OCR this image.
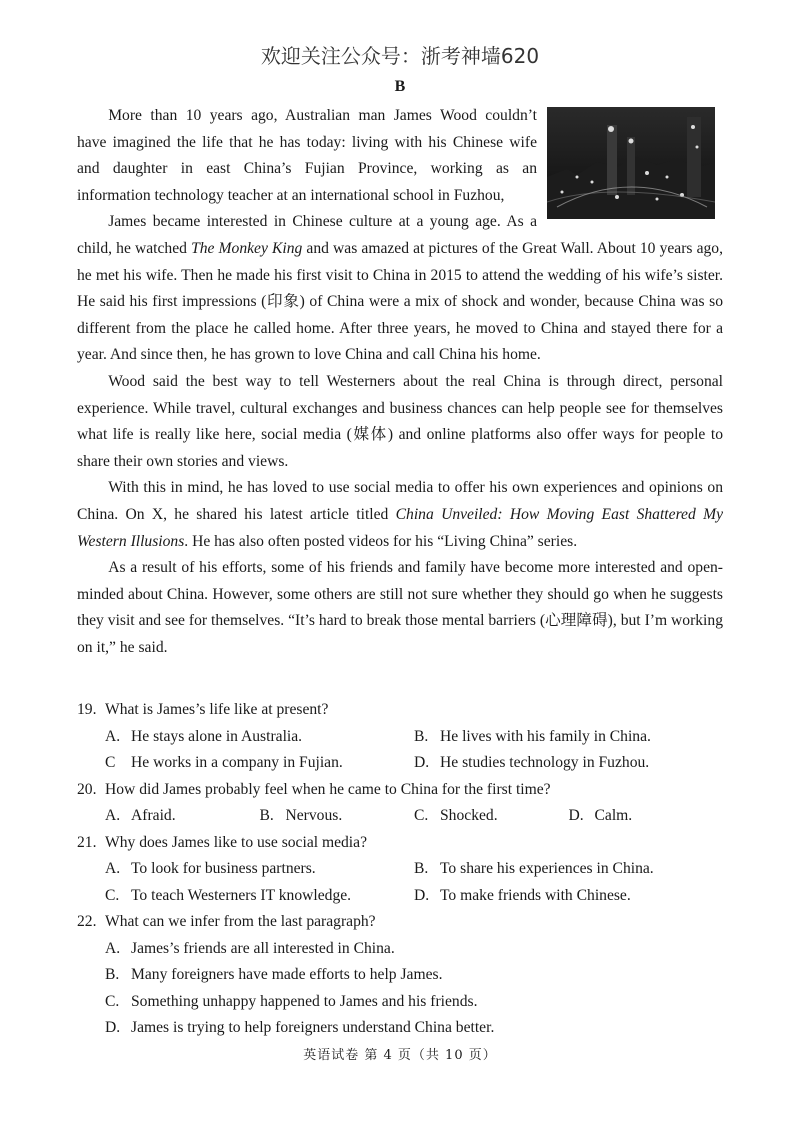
欢迎关注公众号：浙考神墙620
B

More than 10 years ago, Australian man James Wood couldn’t
have imagined the life that he has today: living with his Chinese wife
and daughter in east China’s Fujian Province, working as an
information technology teacher at an international school in Fuzhou,

James became interested in Chinese culture at a young age. As a
child, he watched The Monkey King and was amazed at pictures of the Great Wall. About 10 years ago, he met his wife. Then he made his first visit to China in 2015 to attend the wedding of his wife’s sister. He said his first impressions (印象) of China were a mix of shock and wonder, because China was so different from the place he called home. After three years, he moved to China and stayed there for a year. And since then, he has grown to love China and call China his home.

Wood said the best way to tell Westerners about the real China is through direct, personal experience. While travel, cultural exchanges and business chances can help people see for themselves what life is really like here, social media (媒体) and online platforms also offer ways for people to share their own stories and views.

With this in mind, he has loved to use social media to offer his own experiences and opinions on China. On X, he shared his latest article titled China Unveiled: How Moving East Shattered My Western Illusions. He has also often posted videos for his “Living China” series.

As a result of his efforts, some of his friends and family have become more interested and open-minded about China. However, some others are still not sure whether they should go when he suggests they visit and see for themselves. “It’s hard to break those mental barriers (心理障碍), but I’m working on it,” he said.

19. What is James’s life like at present?
A. He stays alone in Australia.	B. He lives with his family in China.
C He works in a company in Fujian.	D. He studies technology in Fuzhou.
20. How did James probably feel when he came to China for the first time?
A. Afraid.	B. Nervous.	C. Shocked.	D. Calm.
21. Why does James like to use social media?
A. To look for business partners.	B. To share his experiences in China.
C. To teach Westerners IT knowledge.	D. To make friends with Chinese.
22. What can we infer from the last paragraph?
A. James’s friends are all interested in China.
B. Many foreigners have made efforts to help James.
C. Something unhappy happened to James and his friends.
D. James is trying to help foreigners understand China better.
英语试卷 第 4 页（共 10 页）
